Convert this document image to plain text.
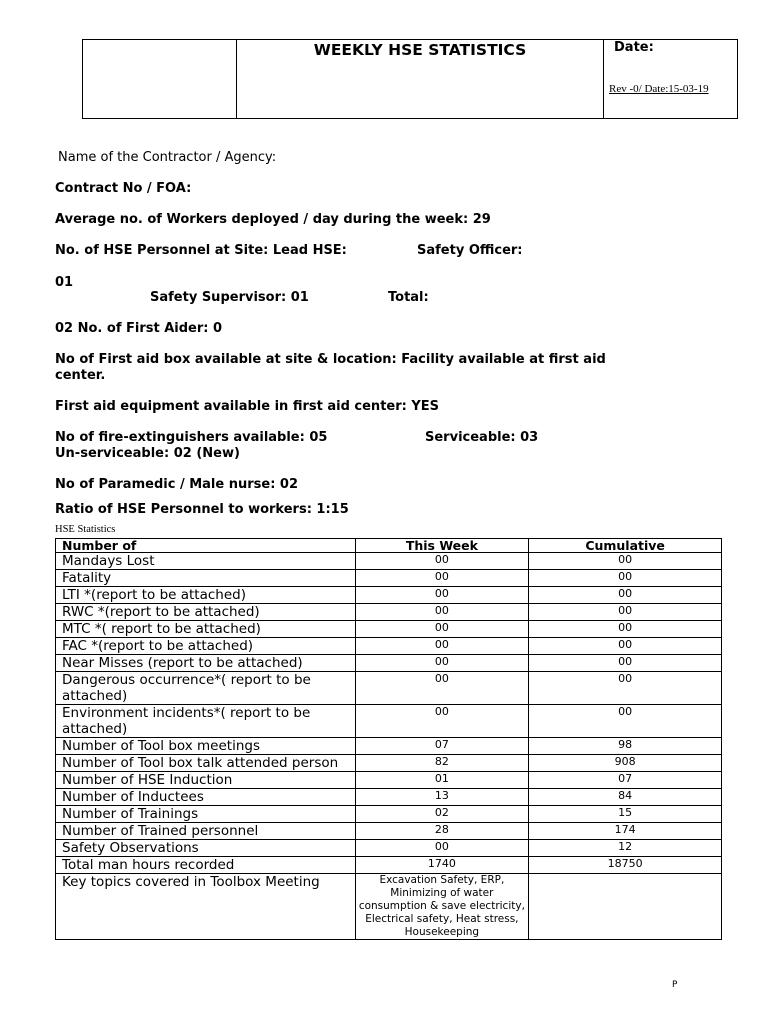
WEEKLY HSE STATISTICS	Date:
Rev -0/ Date:15-03-19
Name of the Contractor / Agency:
Contract No / FOA:
Average no. of Workers deployed / day during the week: 29
No. of HSE Personnel at Site: Lead HSE:	Safety Officer:
01
Safety Supervisor: 01	Total:
02 No. of First Aider: 0
No of First aid box available at site & location: Facility available at first aid
center.
First aid equipment available in first aid center: YES
No of fire-extinguishers available: 05	Serviceable: 03
Un-serviceable: 02 (New)
No of Paramedic / Male nurse: 02
Ratio of HSE Personnel to workers: 1:15
HSE Statistics
Number of	This Week	Cumulative
Mandays Lost	00	00
Fatality	00	00
LTI *(report to be attached)	00	00
RWC *(report to be attached)	00	00
MTC *( report to be attached)	00	00
FAC *(report to be attached)	00	00
Near Misses (report to be attached)	00	00
Dangerous occurrence*( report to be attached)	00	00
Environment incidents*( report to be attached)	00	00
Number of Tool box meetings	07	98
Number of Tool box talk attended person	82	908
Number of HSE Induction	01	07
Number of Inductees	13	84
Number of Trainings	02	15
Number of Trained personnel	28	174
Safety Observations	00	12
Total man hours recorded	1740	18750
Key topics covered in Toolbox Meeting	Excavation Safety, ERP, Minimizing of water consumption & save electricity, Electrical safety, Heat stress, Housekeeping	
P
